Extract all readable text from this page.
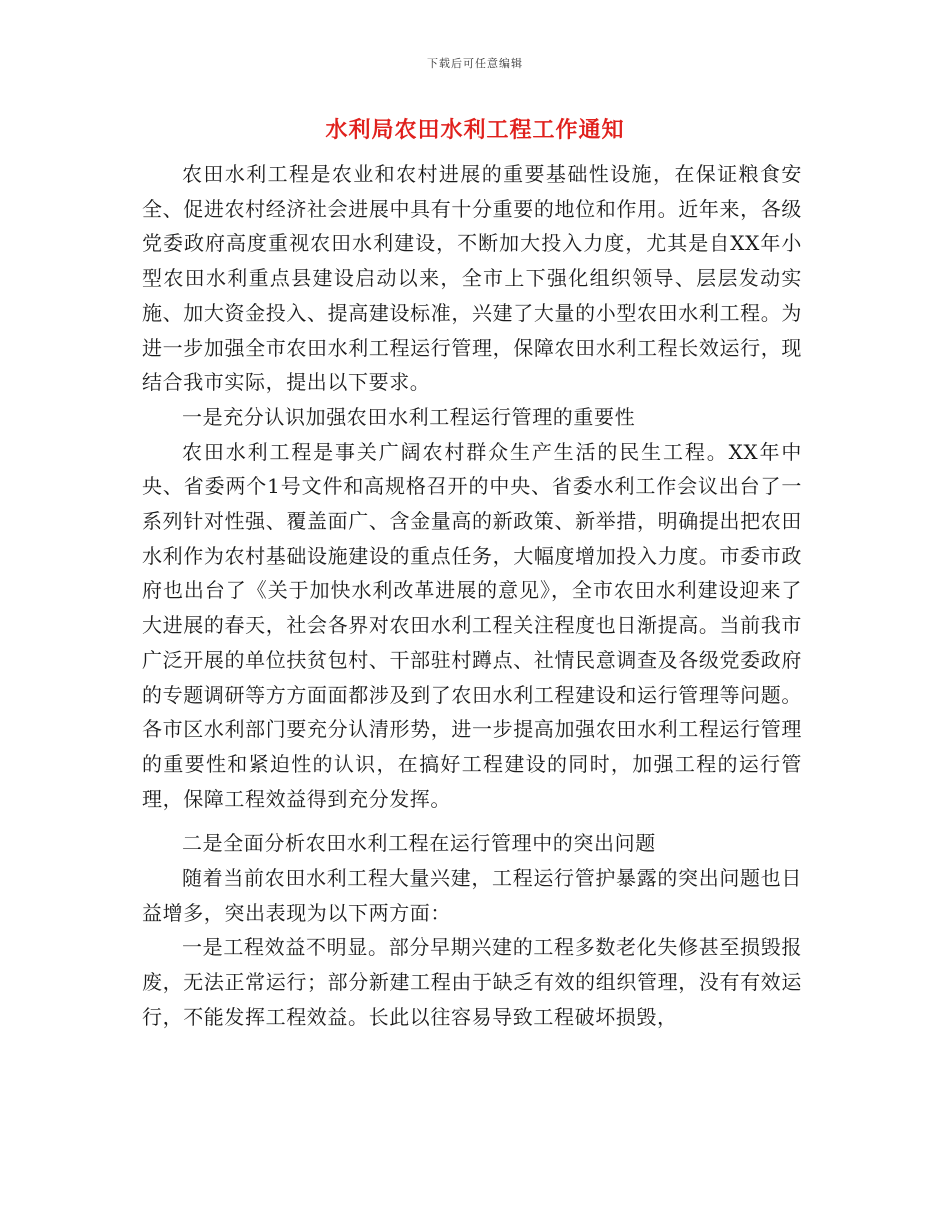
下载后可任意编辑
水利局农田水利工程工作通知

农田水利工程是农业和农村进展的重要基础性设施，在保证粮食安全、促进农村经济社会进展中具有十分重要的地位和作用。近年来，各级党委政府高度重视农田水利建设，不断加大投入力度，尤其是自XX年小型农田水利重点县建设启动以来，全市上下强化组织领导、层层发动实施、加大资金投入、提高建设标准，兴建了大量的小型农田水利工程。为进一步加强全市农田水利工程运行管理，保障农田水利工程长效运行，现结合我市实际，提出以下要求。

一是充分认识加强农田水利工程运行管理的重要性

农田水利工程是事关广阔农村群众生产生活的民生工程。XX年中央、省委两个1号文件和高规格召开的中央、省委水利工作会议出台了一系列针对性强、覆盖面广、含金量高的新政策、新举措，明确提出把农田水利作为农村基础设施建设的重点任务，大幅度增加投入力度。市委市政府也出台了《关于加快水利改革进展的意见》，全市农田水利建设迎来了大进展的春天，社会各界对农田水利工程关注程度也日渐提高。当前我市广泛开展的单位扶贫包村、干部驻村蹲点、社情民意调查及各级党委政府的专题调研等方方面面都涉及到了农田水利工程建设和运行管理等问题。各市区水利部门要充分认清形势，进一步提高加强农田水利工程运行管理的重要性和紧迫性的认识，在搞好工程建设的同时，加强工程的运行管理，保障工程效益得到充分发挥。

二是全面分析农田水利工程在运行管理中的突出问题

随着当前农田水利工程大量兴建，工程运行管护暴露的突出问题也日益增多，突出表现为以下两方面：

一是工程效益不明显。部分早期兴建的工程多数老化失修甚至损毁报废，无法正常运行；部分新建工程由于缺乏有效的组织管理，没有有效运行，不能发挥工程效益。长此以往容易导致工程破坏损毁，
